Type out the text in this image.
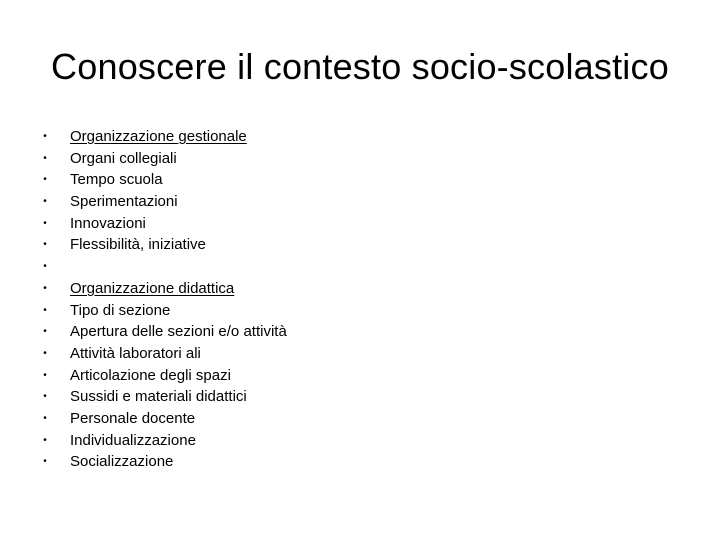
Conoscere il contesto socio-scolastico
• Organizzazione gestionale
• Organi collegiali
• Tempo scuola
• Sperimentazioni
• Innovazioni
• Flessibilità, iniziative
•
• Organizzazione didattica
• Tipo di sezione
• Apertura delle sezioni e/o attività
• Attività laboratori ali
• Articolazione degli spazi
• Sussidi e materiali didattici
• Personale docente
• Individualizzazione
• Socializzazione
